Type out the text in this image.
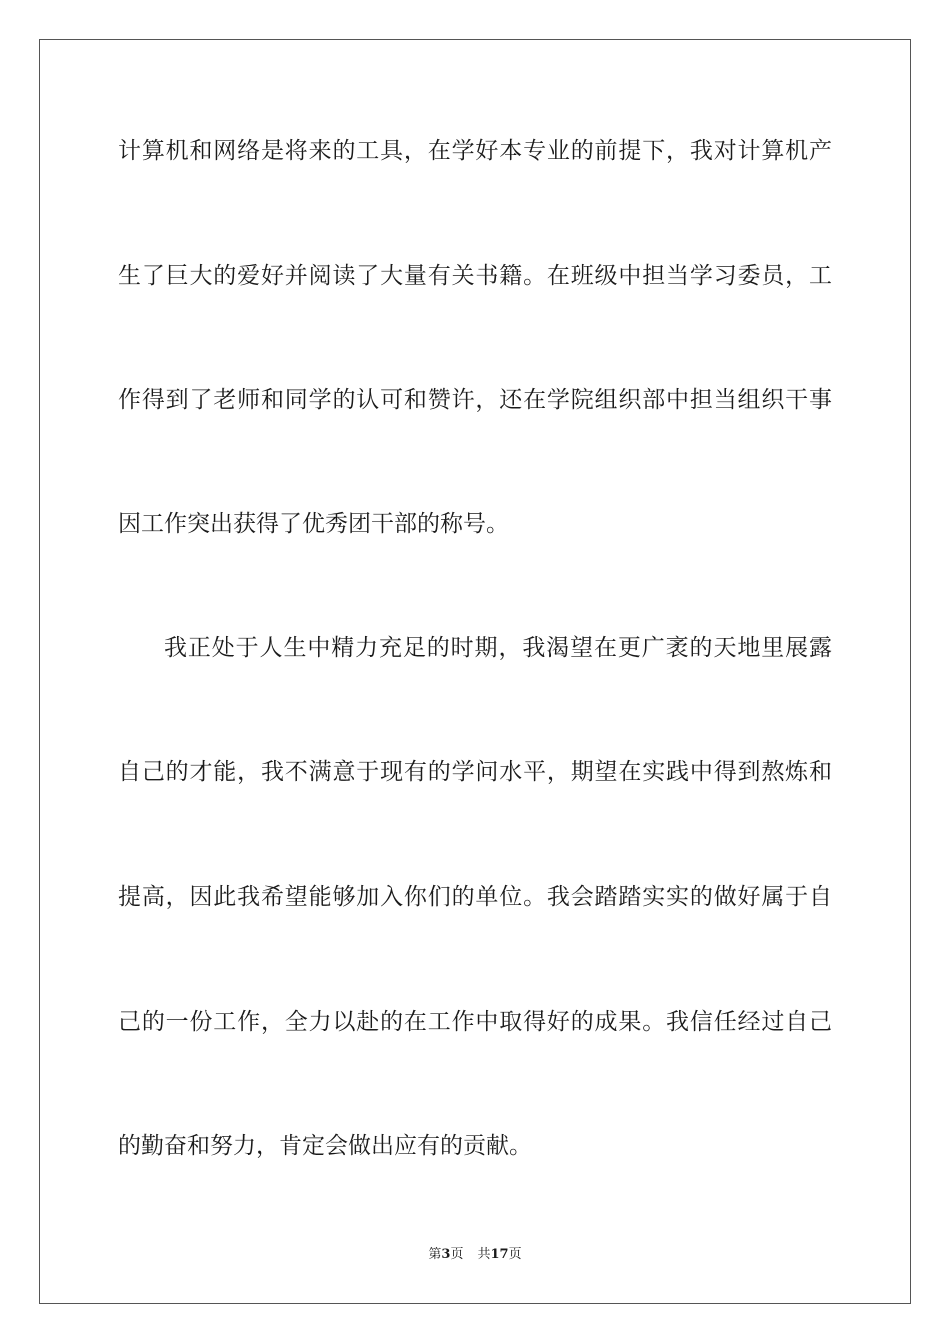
计算机和网络是将来的工具，在学好本专业的前提下，我对计算机产
生了巨大的爱好并阅读了大量有关书籍。在班级中担当学习委员，工
作得到了老师和同学的认可和赞许，还在学院组织部中担当组织干事
因工作突出获得了优秀团干部的称号。
我正处于人生中精力充足的时期，我渴望在更广袤的天地里展露
自己的才能，我不满意于现有的学问水平，期望在实践中得到熬炼和
提高，因此我希望能够加入你们的单位。我会踏踏实实的做好属于自
己的一份工作，全力以赴的在工作中取得好的成果。我信任经过自己
的勤奋和努力，肯定会做出应有的贡献。
第3页 共17页
